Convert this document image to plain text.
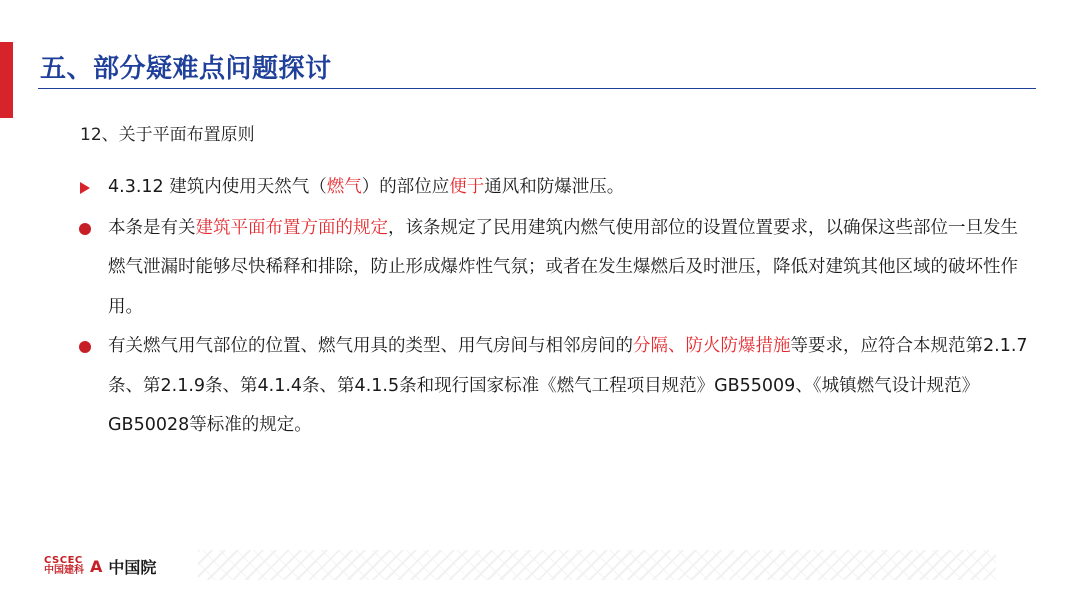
五、部分疑难点问题探讨
12、关于平面布置原则
4.3.12 建筑内使用天然气（燃气）的部位应便于通风和防爆泄压。
本条是有关建筑平面布置方面的规定，该条规定了民用建筑内燃气使用部位的设置位置要求，以确保这些部位一旦发生燃气泄漏时能够尽快稀释和排除，防止形成爆炸性气氛；或者在发生爆燃后及时泄压，降低对建筑其他区域的破坏性作用。
有关燃气用气部位的位置、燃气用具的类型、用气房间与相邻房间的分隔、防火防爆措施等要求，应符合本规范第2.1.7条、第2.1.9条、第4.1.4条、第4.1.5条和现行国家标准《燃气工程项目规范》GB55009、《城镇燃气设计规范》GB50028等标准的规定。
CSCEC
中国建科 A 中国院
